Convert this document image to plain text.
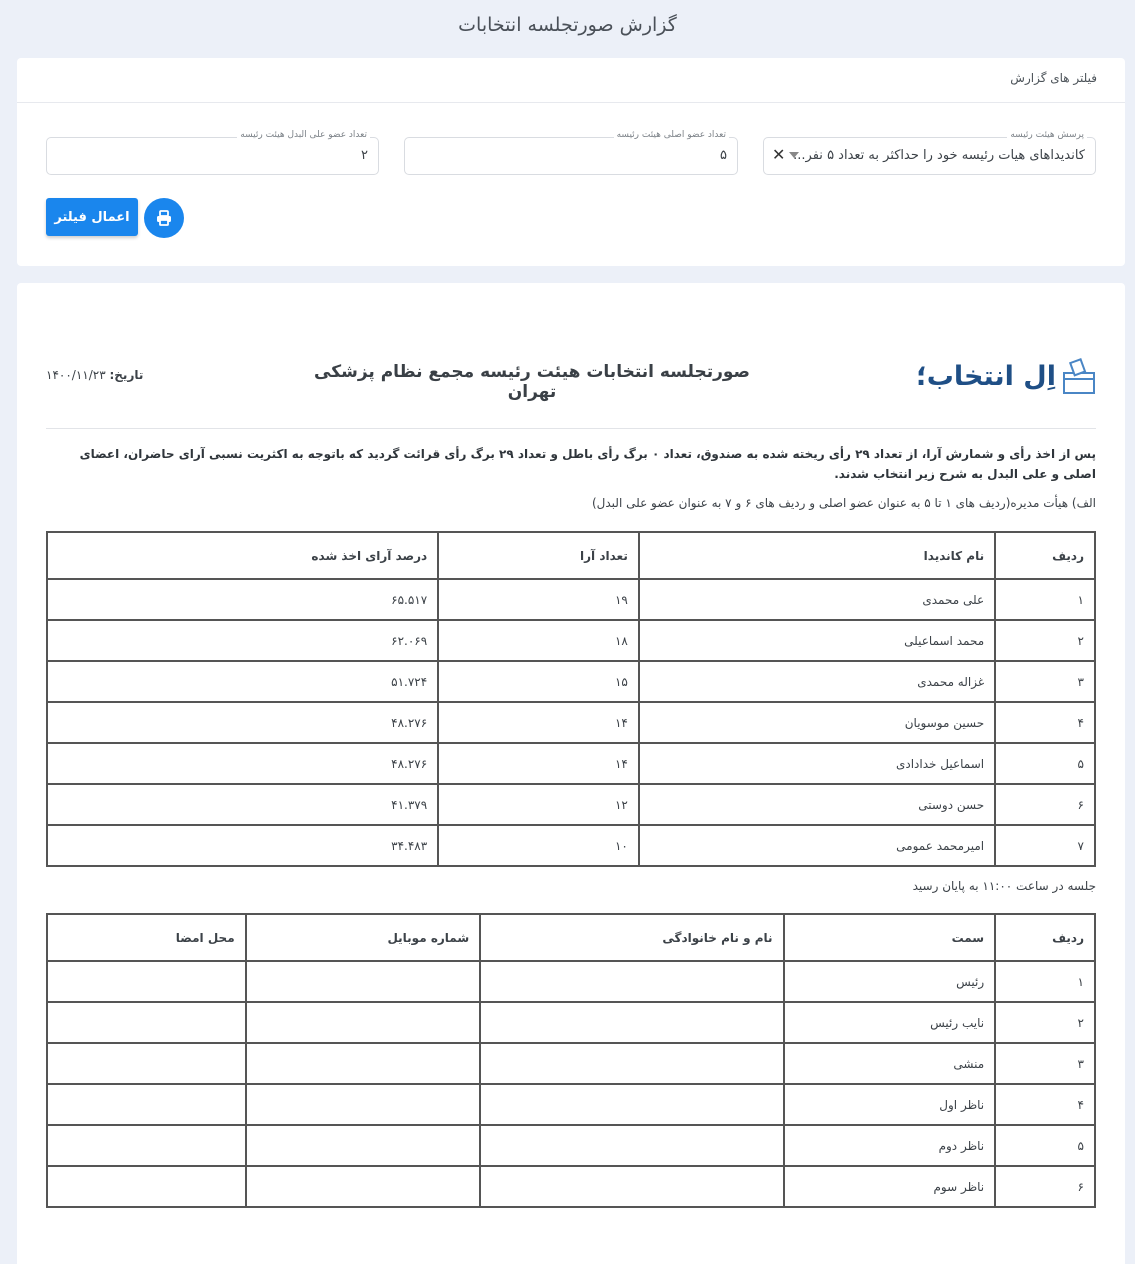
گزارش صورتجلسه انتخابات
فیلتر های گزارش
پرسش هیئت رئیسه
کاندیداهای هیات رئیسه خود را حداکثر به تعداد ۵ نفر...
✕
تعداد عضو اصلی هیئت رئیسه
۵
تعداد عضو علی البدل هیئت رئیسه
۲
اعمال فیلتر
اِل انتخاب؛
صورتجلسه انتخابات هیئت رئیسه مجمع نظام پزشکی تهران
تاریخ: ۱۴۰۰/۱۱/۲۳
پس از اخذ رأی و شمارش آرا، از تعداد ۲۹ رأی ریخته شده به صندوق، تعداد ۰ برگ رأی باطل و تعداد ۲۹ برگ رأی قرائت گردید که باتوجه به اکثریت نسبی آرای حاضران، اعضای اصلی و علی البدل به شرح زیر انتخاب شدند.
الف) هیأت مدیره(ردیف های ۱ تا ۵ به عنوان عضو اصلی و ردیف های ۶ و ۷ به عنوان عضو علی البدل)
ردیف	نام کاندیدا	تعداد آرا	درصد آرای اخذ شده
۱	علی محمدی	۱۹	۶۵.۵۱۷
۲	محمد اسماعیلی	۱۸	۶۲.۰۶۹
۳	غزاله محمدی	۱۵	۵۱.۷۲۴
۴	حسین موسویان	۱۴	۴۸.۲۷۶
۵	اسماعیل خدادادی	۱۴	۴۸.۲۷۶
۶	حسن دوستی	۱۲	۴۱.۳۷۹
۷	امیرمحمد عمومی	۱۰	۳۴.۴۸۳
جلسه در ساعت ۱۱:۰۰ به پایان رسید
ردیف	سمت	نام و نام خانوادگی	شماره موبایل	محل امضا
۱	رئیس			
۲	نایب رئیس			
۳	منشی			
۴	ناظر اول			
۵	ناظر دوم			
۶	ناظر سوم			
